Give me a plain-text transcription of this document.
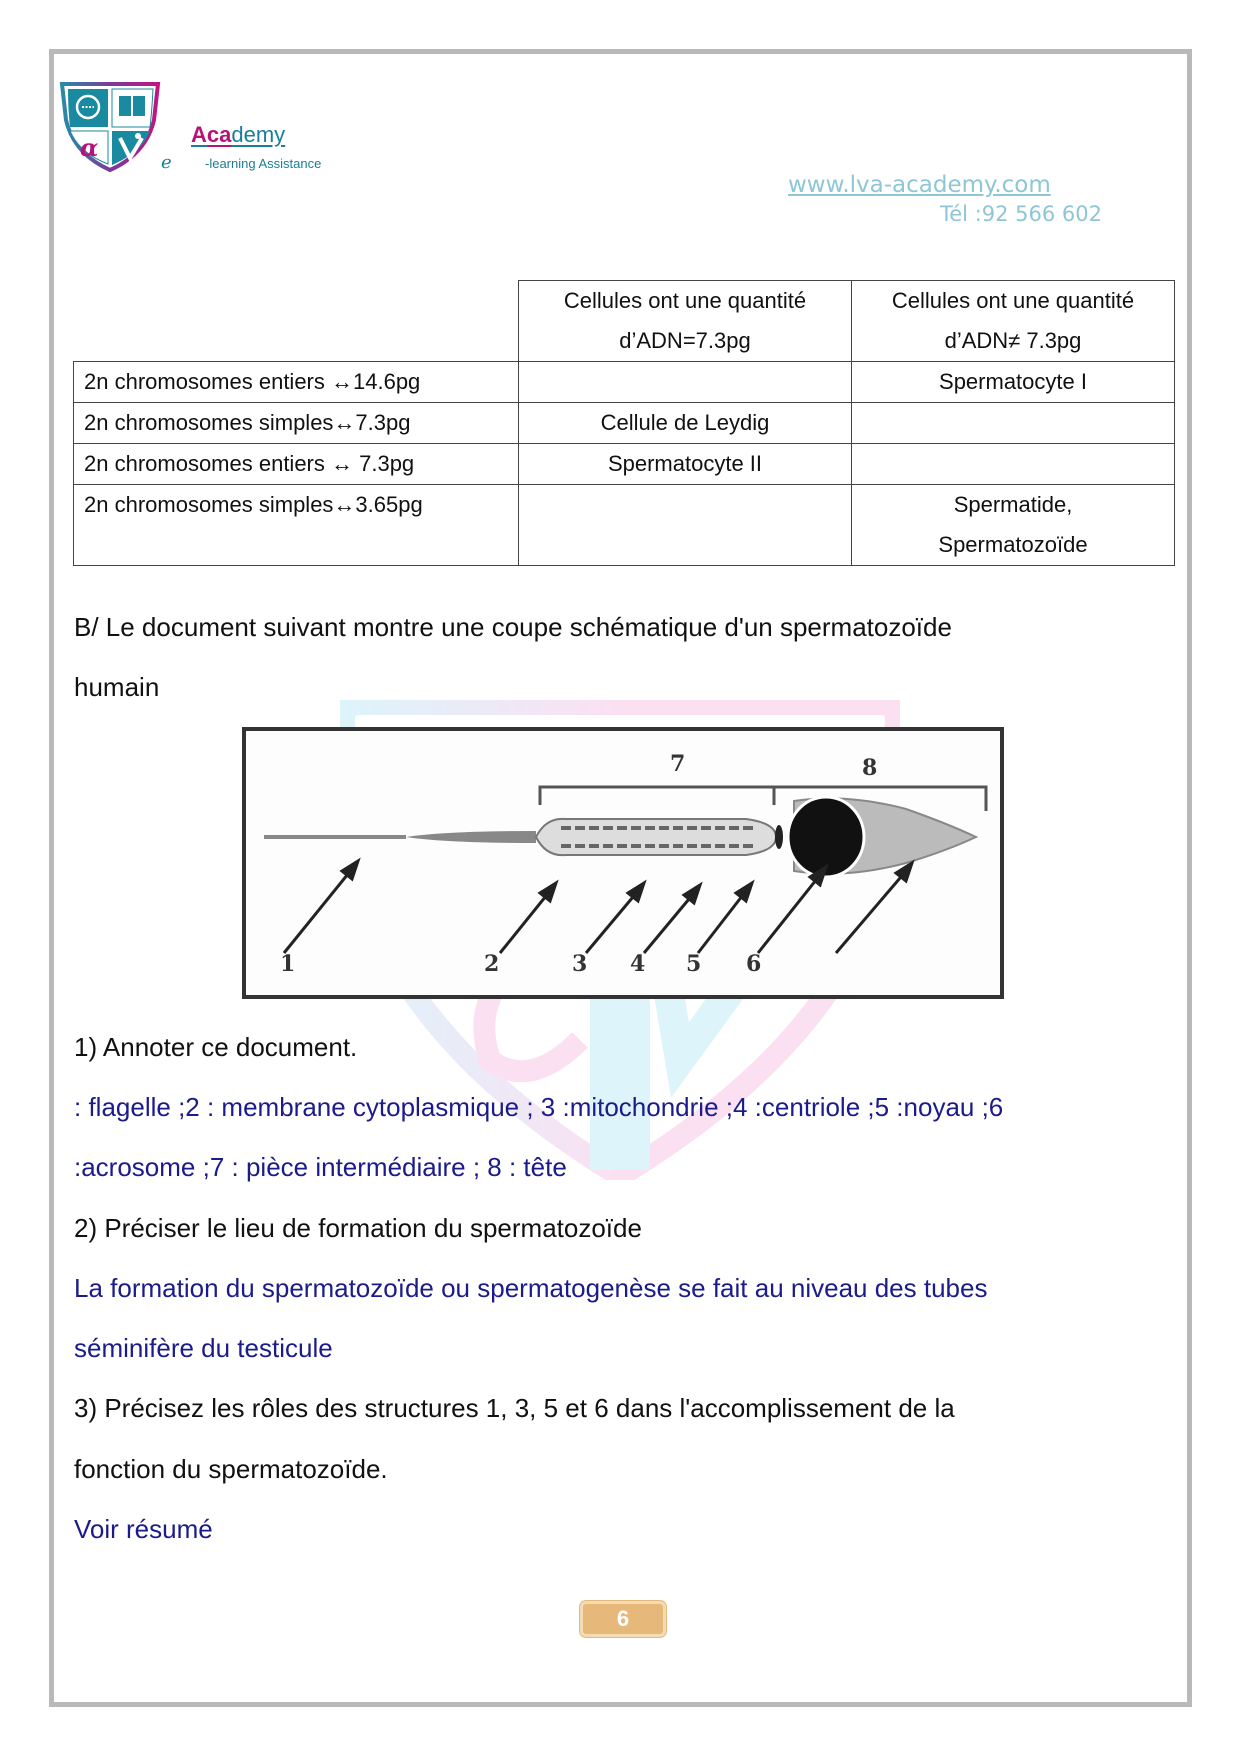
α	Academy
e	-learning Assistance
www.lva-academy.com
Tél :92 566 602

Cellules ont une quantité
d’ADN=7.3pg

Cellules ont une quantité
d’ADN≠ 7.3pg

2n chromosomes entiers ↔14.6pg		Spermatocyte I
2n chromosomes simples↔7.3pg	Cellule de Leydig	
2n chromosomes entiers ↔ 7.3pg	Spermatocyte II	
2n chromosomes simples↔3.65pg		Spermatide,
Spermatozoïde
B/ Le document suivant montre une coupe schématique d'un spermatozoïde
humain
7	8
1	2	3 4 5 6
1) Annoter ce document.
: flagelle ;2 : membrane cytoplasmique ; 3 :mitochondrie ;4 :centriole ;5 :noyau ;6
:acrosome ;7 : pièce intermédiaire ; 8 : tête
2) Préciser le lieu de formation du spermatozoïde
La formation du spermatozoïde ou spermatogenèse se fait au niveau des tubes
séminifère du testicule
3) Précisez les rôles des structures 1, 3, 5 et 6 dans l'accomplissement de la
fonction du spermatozoïde.
Voir résumé
6
